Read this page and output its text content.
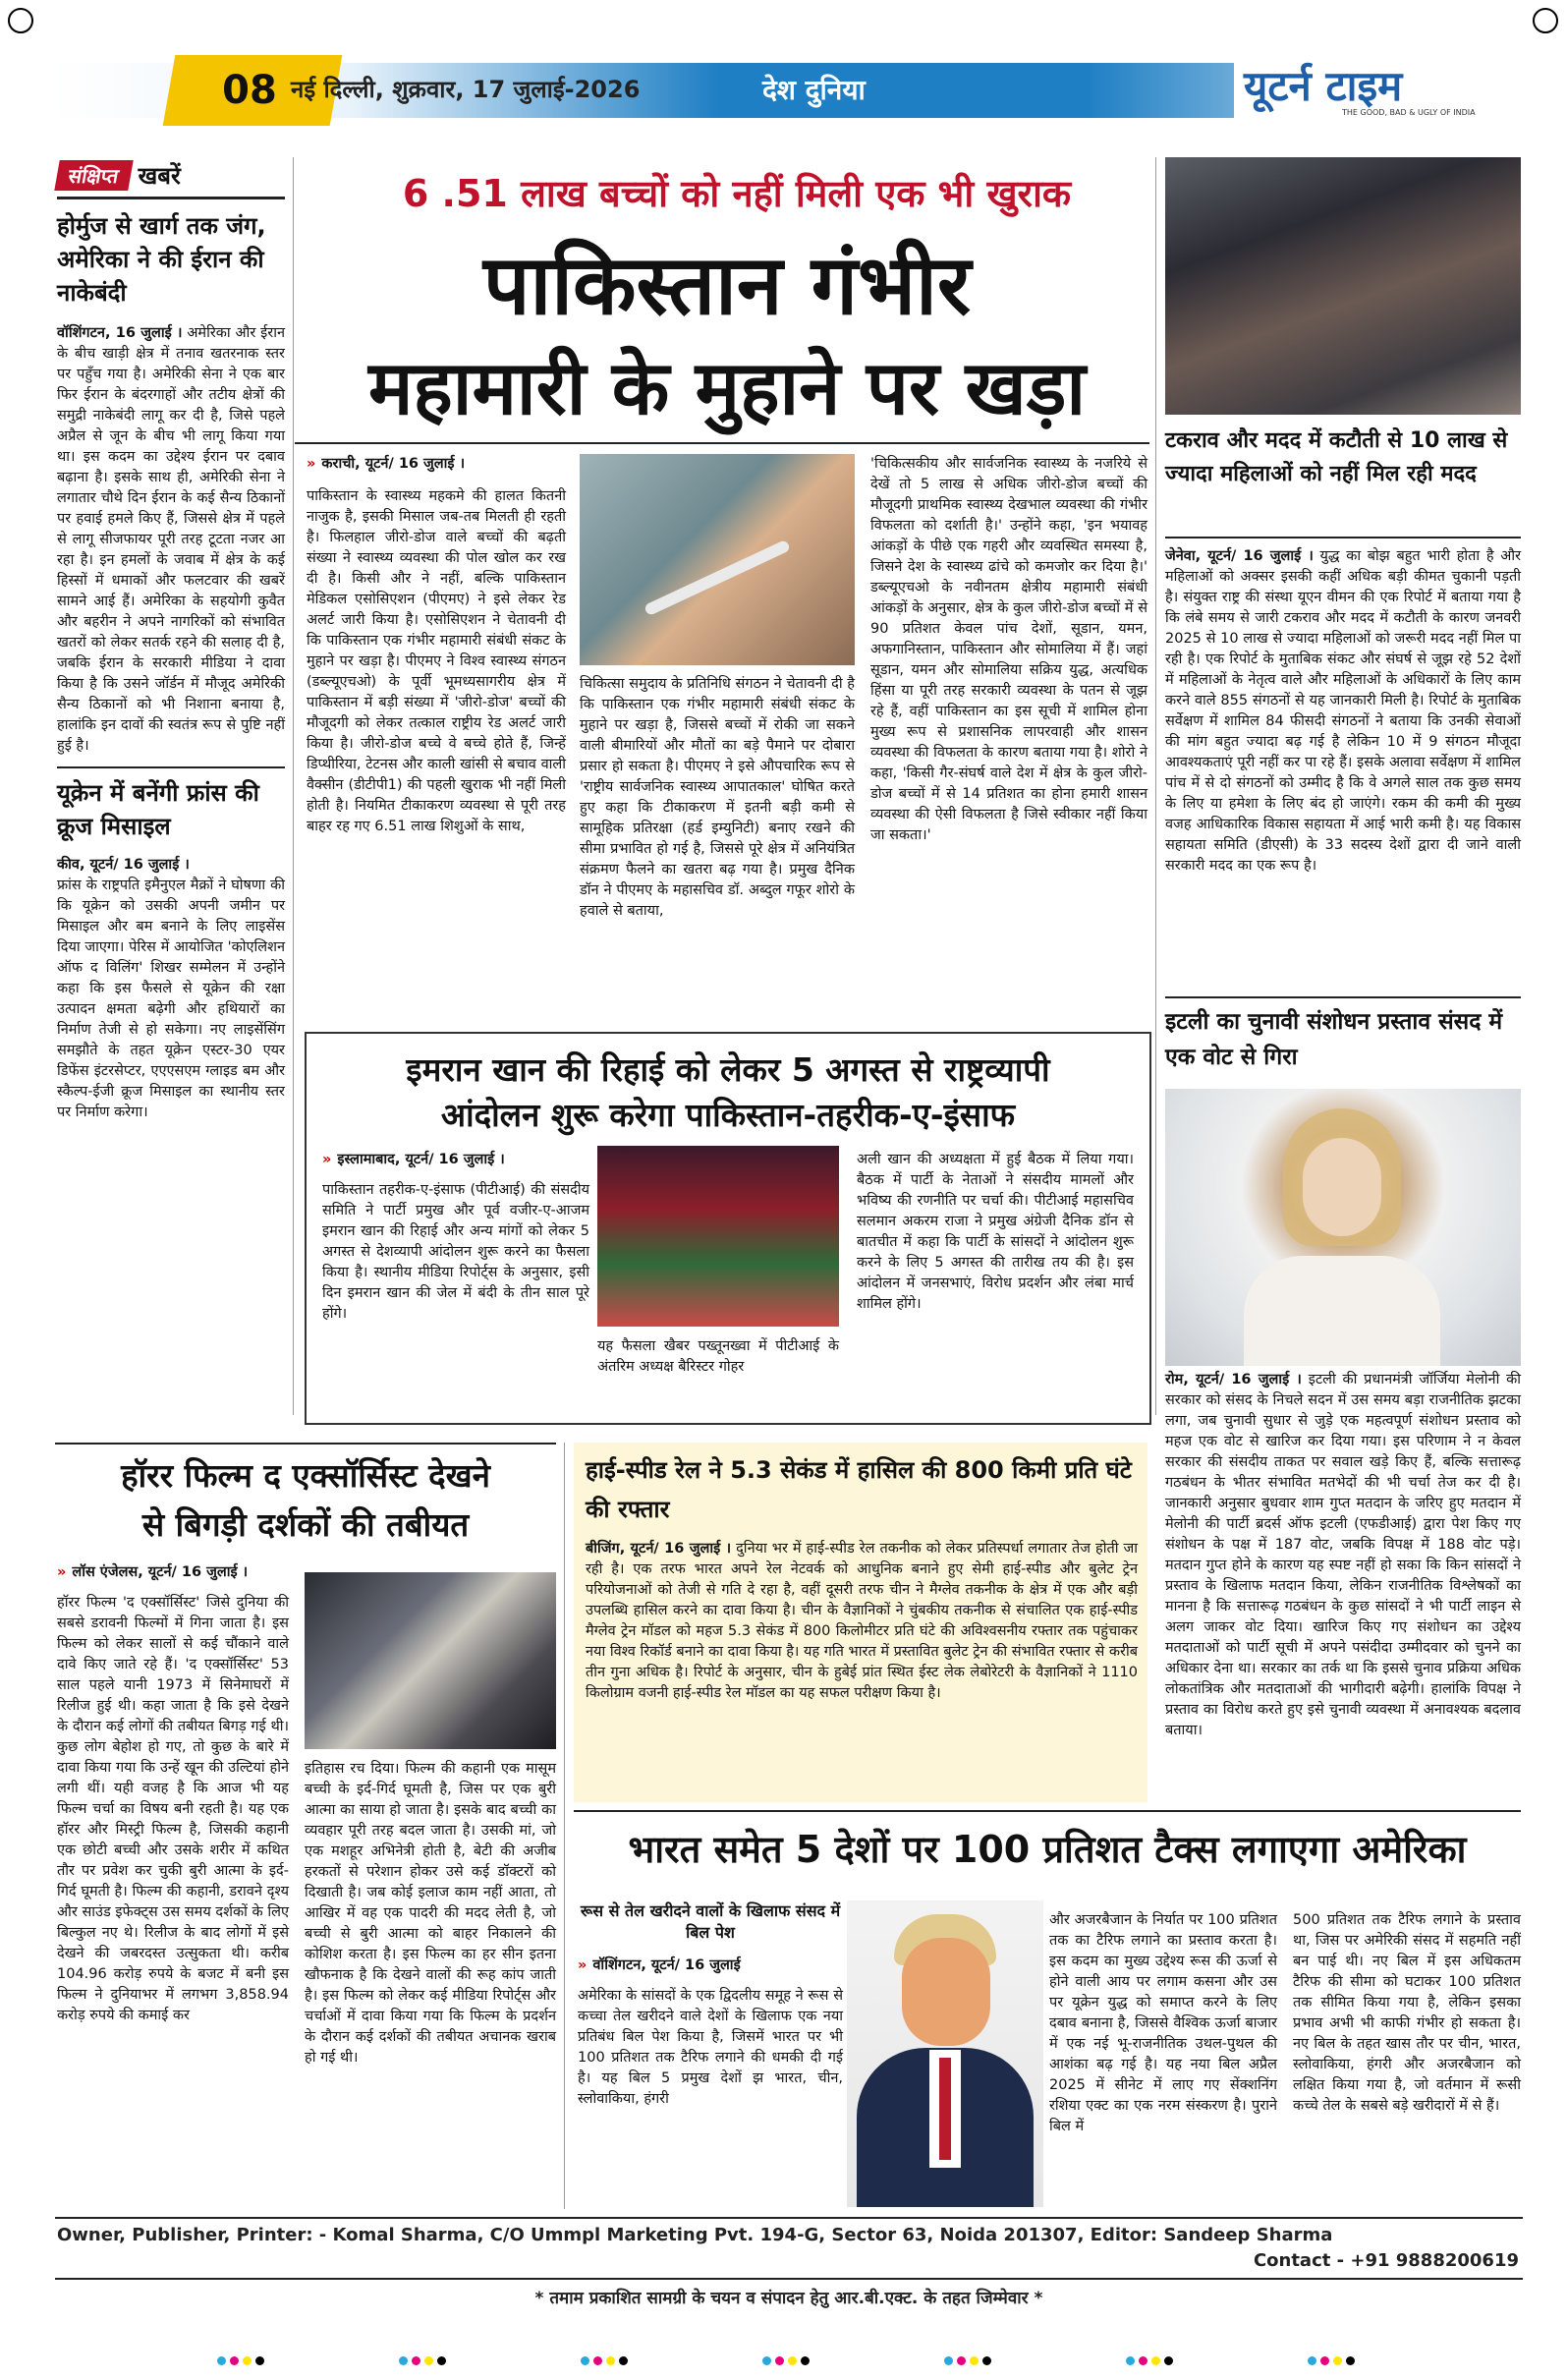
08 नई दिल्ली, शुक्रवार, 17 जुलाई-2026	देश दुनिया	यूटर्न टाइम
THE GOOD, BAD & UGLY OF INDIA
संक्षिप्त खबरें
होर्मुज से खार्ग तक जंग, अमेरिका ने की ईरान की नाकेबंदी
वॉशिंगटन, 16 जुलाई । अमेरिका और ईरान के बीच खाड़ी क्षेत्र में तनाव खतरनाक स्तर पर पहुँच गया है। अमेरिकी सेना ने एक बार फिर ईरान के बंदरगाहों और तटीय क्षेत्रों की समुद्री नाकेबंदी लागू कर दी है, जिसे पहले अप्रैल से जून के बीच भी लागू किया गया था। इस कदम का उद्देश्य ईरान पर दबाव बढ़ाना है। इसके साथ ही, अमेरिकी सेना ने लगातार चौथे दिन ईरान के कई सैन्य ठिकानों पर हवाई हमले किए हैं, जिससे क्षेत्र में पहले से लागू सीजफायर पूरी तरह टूटता नजर आ रहा है। इन हमलों के जवाब में क्षेत्र के कई हिस्सों में धमाकों और फलटवार की खबरें सामने आई हैं। अमेरिका के सहयोगी कुवैत और बहरीन ने अपने नागरिकों को संभावित खतरों को लेकर सतर्क रहने की सलाह दी है, जबकि ईरान के सरकारी मीडिया ने दावा किया है कि उसने जॉर्डन में मौजूद अमेरिकी सैन्य ठिकानों को भी निशाना बनाया है, हालांकि इन दावों की स्वतंत्र रूप से पुष्टि नहीं हुई है।
यूक्रेन में बनेंगी फ्रांस की क्रूज मिसाइल
कीव, यूटर्न/ 16 जुलाई ।
फ्रांस के राष्ट्रपति इमैनुएल मैक्रों ने घोषणा की कि यूक्रेन को उसकी अपनी जमीन पर मिसाइल और बम बनाने के लिए लाइसेंस दिया जाएगा। पेरिस में आयोजित 'कोएलिशन ऑफ द विलिंग' शिखर सम्मेलन में उन्होंने कहा कि इस फैसले से यूक्रेन की रक्षा उत्पादन क्षमता बढ़ेगी और हथियारों का निर्माण तेजी से हो सकेगा। नए लाइसेंसिंग समझौते के तहत यूक्रेन एस्टर-30 एयर डिफेंस इंटरसेप्टर, एएएसएम ग्लाइड बम और स्कैल्प-ईजी क्रूज मिसाइल का स्थानीय स्तर पर निर्माण करेगा।
6 .51 लाख बच्चों को नहीं मिली एक भी खुराक
पाकिस्तान गंभीर
महामारी के मुहाने पर खड़ा
» कराची, यूटर्न/ 16 जुलाई ।
पाकिस्तान के स्वास्थ्य महकमे की हालत कितनी नाजुक है, इसकी मिसाल जब-तब मिलती ही रहती है। फिलहाल जीरो-डोज वाले बच्चों की बढ़ती संख्या ने स्वास्थ्य व्यवस्था की पोल खोल कर रख दी है। किसी और ने नहीं, बल्कि पाकिस्तान मेडिकल एसोसिएशन (पीएमए) ने इसे लेकर रेड अलर्ट जारी किया है। एसोसिएशन ने चेतावनी दी कि पाकिस्तान एक गंभीर महामारी संबंधी संकट के मुहाने पर खड़ा है। पीएमए ने विश्व स्वास्थ्य संगठन (डब्ल्यूएचओ) के पूर्वी भूमध्यसागरीय क्षेत्र में पाकिस्तान में बड़ी संख्या में 'जीरो-डोज' बच्चों की मौजूदगी को लेकर तत्काल राष्ट्रीय रेड अलर्ट जारी किया है। जीरो-डोज बच्चे वे बच्चे होते हैं, जिन्हें डिप्थीरिया, टेटनस और काली खांसी से बचाव वाली वैक्सीन (डीटीपी1) की पहली खुराक भी नहीं मिली होती है। नियमित टीकाकरण व्यवस्था से पूरी तरह बाहर रह गए 6.51 लाख शिशुओं के साथ,
चिकित्सा समुदाय के प्रतिनिधि संगठन ने चेतावनी दी है कि पाकिस्तान एक गंभीर महामारी संबंधी संकट के मुहाने पर खड़ा है, जिससे बच्चों में रोकी जा सकने वाली बीमारियों और मौतों का बड़े पैमाने पर दोबारा प्रसार हो सकता है। पीएमए ने इसे औपचारिक रूप से 'राष्ट्रीय सार्वजनिक स्वास्थ्य आपातकाल' घोषित करते हुए कहा कि टीकाकरण में इतनी बड़ी कमी से सामूहिक प्रतिरक्षा (हर्ड इम्युनिटी) बनाए रखने की सीमा प्रभावित हो गई है, जिससे पूरे क्षेत्र में अनियंत्रित संक्रमण फैलने का खतरा बढ़ गया है। प्रमुख दैनिक डॉन ने पीएमए के महासचिव डॉ. अब्दुल गफूर शोरो के हवाले से बताया,
'चिकित्सकीय और सार्वजनिक स्वास्थ्य के नजरिये से देखें तो 5 लाख से अधिक जीरो-डोज बच्चों की मौजूदगी प्राथमिक स्वास्थ्य देखभाल व्यवस्था की गंभीर विफलता को दर्शाती है।' उन्होंने कहा, 'इन भयावह आंकड़ों के पीछे एक गहरी और व्यवस्थित समस्या है, जिसने देश के स्वास्थ्य ढांचे को कमजोर कर दिया है।' डब्ल्यूएचओ के नवीनतम क्षेत्रीय महामारी संबंधी आंकड़ों के अनुसार, क्षेत्र के कुल जीरो-डोज बच्चों में से 90 प्रतिशत केवल पांच देशों, सूडान, यमन, अफगानिस्तान, पाकिस्तान और सोमालिया में हैं। जहां सूडान, यमन और सोमालिया सक्रिय युद्ध, अत्यधिक हिंसा या पूरी तरह सरकारी व्यवस्था के पतन से जूझ रहे हैं, वहीं पाकिस्तान का इस सूची में शामिल होना मुख्य रूप से प्रशासनिक लापरवाही और शासन व्यवस्था की विफलता के कारण बताया गया है। शोरो ने कहा, 'किसी गैर-संघर्ष वाले देश में क्षेत्र के कुल जीरो-डोज बच्चों में से 14 प्रतिशत का होना हमारी शासन व्यवस्था की ऐसी विफलता है जिसे स्वीकार नहीं किया जा सकता।'
इमरान खान की रिहाई को लेकर 5 अगस्त से राष्ट्रव्यापी
आंदोलन शुरू करेगा पाकिस्तान-तहरीक-ए-इंसाफ
» इस्लामाबाद, यूटर्न/ 16 जुलाई ।
पाकिस्तान तहरीक-ए-इंसाफ (पीटीआई) की संसदीय समिति ने पार्टी प्रमुख और पूर्व वजीर-ए-आजम इमरान खान की रिहाई और अन्य मांगों को लेकर 5 अगस्त से देशव्यापी आंदोलन शुरू करने का फैसला किया है। स्थानीय मीडिया रिपोर्ट्स के अनुसार, इसी दिन इमरान खान की जेल में बंदी के तीन साल पूरे होंगे।
यह फैसला खैबर पख्तूनख्वा में पीटीआई के अंतरिम अध्यक्ष बैरिस्टर गोहर
अली खान की अध्यक्षता में हुई बैठक में लिया गया। बैठक में पार्टी के नेताओं ने संसदीय मामलों और भविष्य की रणनीति पर चर्चा की। पीटीआई महासचिव सलमान अकरम राजा ने प्रमुख अंग्रेजी दैनिक डॉन से बातचीत में कहा कि पार्टी के सांसदों ने आंदोलन शुरू करने के लिए 5 अगस्त की तारीख तय की है। इस आंदोलन में जनसभाएं, विरोध प्रदर्शन और लंबा मार्च शामिल होंगे।
टकराव और मदद में कटौती से 10 लाख से ज्यादा महिलाओं को नहीं मिल रही मदद
जेनेवा, यूटर्न/ 16 जुलाई । युद्ध का बोझ बहुत भारी होता है और महिलाओं को अक्सर इसकी कहीं अधिक बड़ी कीमत चुकानी पड़ती है। संयुक्त राष्ट्र की संस्था यूएन वीमन की एक रिपोर्ट में बताया गया है कि लंबे समय से जारी टकराव और मदद में कटौती के कारण जनवरी 2025 से 10 लाख से ज्यादा महिलाओं को जरूरी मदद नहीं मिल पा रही है। एक रिपोर्ट के मुताबिक संकट और संघर्ष से जूझ रहे 52 देशों में महिलाओं के नेतृत्व वाले और महिलाओं के अधिकारों के लिए काम करने वाले 855 संगठनों से यह जानकारी मिली है। रिपोर्ट के मुताबिक सर्वेक्षण में शामिल 84 फीसदी संगठनों ने बताया कि उनकी सेवाओं की मांग बहुत ज्यादा बढ़ गई है लेकिन 10 में 9 संगठन मौजूदा आवश्यकताएं पूरी नहीं कर पा रहे हैं। इसके अलावा सर्वेक्षण में शामिल पांच में से दो संगठनों को उम्मीद है कि वे अगले साल तक कुछ समय के लिए या हमेशा के लिए बंद हो जाएंगे। रकम की कमी की मुख्य वजह आधिकारिक विकास सहायता में आई भारी कमी है। यह विकास सहायता समिति (डीएसी) के 33 सदस्य देशों द्वारा दी जाने वाली सरकारी मदद का एक रूप है।
इटली का चुनावी संशोधन प्रस्ताव संसद में एक वोट से गिरा
रोम, यूटर्न/ 16 जुलाई । इटली की प्रधानमंत्री जॉर्जिया मेलोनी की सरकार को संसद के निचले सदन में उस समय बड़ा राजनीतिक झटका लगा, जब चुनावी सुधार से जुड़े एक महत्वपूर्ण संशोधन प्रस्ताव को महज एक वोट से खारिज कर दिया गया। इस परिणाम ने न केवल सरकार की संसदीय ताकत पर सवाल खड़े किए हैं, बल्कि सत्तारूढ़ गठबंधन के भीतर संभावित मतभेदों की भी चर्चा तेज कर दी है। जानकारी अनुसार बुधवार शाम गुप्त मतदान के जरिए हुए मतदान में मेलोनी की पार्टी ब्रदर्स ऑफ इटली (एफडीआई) द्वारा पेश किए गए संशोधन के पक्ष में 187 वोट, जबकि विपक्ष में 188 वोट पड़े। मतदान गुप्त होने के कारण यह स्पष्ट नहीं हो सका कि किन सांसदों ने प्रस्ताव के खिलाफ मतदान किया, लेकिन राजनीतिक विश्लेषकों का मानना है कि सत्तारूढ़ गठबंधन के कुछ सांसदों ने भी पार्टी लाइन से अलग जाकर वोट दिया। खारिज किए गए संशोधन का उद्देश्य मतदाताओं को पार्टी सूची में अपने पसंदीदा उम्मीदवार को चुनने का अधिकार देना था। सरकार का तर्क था कि इससे चुनाव प्रक्रिया अधिक लोकतांत्रिक और मतदाताओं की भागीदारी बढ़ेगी। हालांकि विपक्ष ने प्रस्ताव का विरोध करते हुए इसे चुनावी व्यवस्था में अनावश्यक बदलाव बताया।
हॉरर फिल्म द एक्सॉर्सिस्ट देखने
से बिगड़ी दर्शकों की तबीयत
» लॉस एंजेलस, यूटर्न/ 16 जुलाई ।
हॉरर फिल्म 'द एक्सॉर्सिस्ट' जिसे दुनिया की सबसे डरावनी फिल्मों में गिना जाता है। इस फिल्म को लेकर सालों से कई चौंकाने वाले दावे किए जाते रहे हैं। 'द एक्सॉर्सिस्ट' 53 साल पहले यानी 1973 में सिनेमाघरों में रिलीज हुई थी। कहा जाता है कि इसे देखने के दौरान कई लोगों की तबीयत बिगड़ गई थी। कुछ लोग बेहोश हो गए, तो कुछ के बारे में दावा किया गया कि उन्हें खून की उल्टियां होने लगी थीं। यही वजह है कि आज भी यह फिल्म चर्चा का विषय बनी रहती है। यह एक हॉरर और मिस्ट्री फिल्म है, जिसकी कहानी एक छोटी बच्ची और उसके शरीर में कथित तौर पर प्रवेश कर चुकी बुरी आत्मा के इर्द-गिर्द घूमती है। फिल्म की कहानी, डरावने दृश्य और साउंड इफेक्ट्स उस समय दर्शकों के लिए बिल्कुल नए थे। रिलीज के बाद लोगों में इसे देखने की जबरदस्त उत्सुकता थी। करीब 104.96 करोड़ रुपये के बजट में बनी इस फिल्म ने दुनियाभर में लगभग 3,858.94 करोड़ रुपये की कमाई कर
इतिहास रच दिया। फिल्म की कहानी एक मासूम बच्ची के इर्द-गिर्द घूमती है, जिस पर एक बुरी आत्मा का साया हो जाता है। इसके बाद बच्ची का व्यवहार पूरी तरह बदल जाता है। उसकी मां, जो एक मशहूर अभिनेत्री होती है, बेटी की अजीब हरकतों से परेशान होकर उसे कई डॉक्टरों को दिखाती है। जब कोई इलाज काम नहीं आता, तो आखिर में वह एक पादरी की मदद लेती है, जो बच्ची से बुरी आत्मा को बाहर निकालने की कोशिश करता है। इस फिल्म का हर सीन इतना खौफनाक है कि देखने वालों की रूह कांप जाती है। इस फिल्म को लेकर कई मीडिया रिपोर्ट्स और चर्चाओं में दावा किया गया कि फिल्म के प्रदर्शन के दौरान कई दर्शकों की तबीयत अचानक खराब हो गई थी।
हाई-स्पीड रेल ने 5.3 सेकंड में हासिल की 800 किमी प्रति घंटे की रफ्तार
बीजिंग, यूटर्न/ 16 जुलाई । दुनिया भर में हाई-स्पीड रेल तकनीक को लेकर प्रतिस्पर्धा लगातार तेज होती जा रही है। एक तरफ भारत अपने रेल नेटवर्क को आधुनिक बनाने हुए सेमी हाई-स्पीड और बुलेट ट्रेन परियोजनाओं को तेजी से गति दे रहा है, वहीं दूसरी तरफ चीन ने मैग्लेव तकनीक के क्षेत्र में एक और बड़ी उपलब्धि हासिल करने का दावा किया है। चीन के वैज्ञानिकों ने चुंबकीय तकनीक से संचालित एक हाई-स्पीड मैग्लेव ट्रेन मॉडल को महज 5.3 सेकंड में 800 किलोमीटर प्रति घंटे की अविश्वसनीय रफ्तार तक पहुंचाकर नया विश्व रिकॉर्ड बनाने का दावा किया है। यह गति भारत में प्रस्तावित बुलेट ट्रेन की संभावित रफ्तार से करीब तीन गुना अधिक है। रिपोर्ट के अनुसार, चीन के हुबेई प्रांत स्थित ईस्ट लेक लेबोरेटरी के वैज्ञानिकों ने 1110 किलोग्राम वजनी हाई-स्पीड रेल मॉडल का यह सफल परीक्षण किया है।
भारत समेत 5 देशों पर 100 प्रतिशत टैक्स लगाएगा अमेरिका
रूस से तेल खरीदने वालों के खिलाफ संसद में बिल पेश
» वॉशिंगटन, यूटर्न/ 16 जुलाई
अमेरिका के सांसदों के एक द्विदलीय समूह ने रूस से कच्चा तेल खरीदने वाले देशों के खिलाफ एक नया प्रतिबंध बिल पेश किया है, जिसमें भारत पर भी 100 प्रतिशत तक टैरिफ लगाने की धमकी दी गई है। यह बिल 5 प्रमुख देशों झ भारत, चीन, स्लोवाकिया, हंगरी
और अजरबैजान के निर्यात पर 100 प्रतिशत तक का टैरिफ लगाने का प्रस्ताव करता है। इस कदम का मुख्य उद्देश्य रूस की ऊर्जा से होने वाली आय पर लगाम कसना और उस पर यूक्रेन युद्ध को समाप्त करने के लिए दबाव बनाना है, जिससे वैश्विक ऊर्जा बाजार में एक नई भू-राजनीतिक उथल-पुथल की आशंका बढ़ गई है। यह नया बिल अप्रैल 2025 में सीनेट में लाए गए सेंक्शनिंग रशिया एक्ट का एक नरम संस्करण है। पुराने बिल में
500 प्रतिशत तक टैरिफ लगाने के प्रस्ताव था, जिस पर अमेरिकी संसद में सहमति नहीं बन पाई थी। नए बिल में इस अधिकतम टैरिफ की सीमा को घटाकर 100 प्रतिशत तक सीमित किया गया है, लेकिन इसका प्रभाव अभी भी काफी गंभीर हो सकता है। नए बिल के तहत खास तौर पर चीन, भारत, स्लोवाकिया, हंगरी और अजरबैजान को लक्षित किया गया है, जो वर्तमान में रूसी कच्चे तेल के सबसे बड़े खरीदारों में से हैं।
Owner, Publisher, Printer: - Komal Sharma, C/O Ummpl Marketing Pvt. 194-G, Sector 63, Noida 201307, Editor: Sandeep Sharma
Contact - +91 9888200619
* तमाम प्रकाशित सामग्री के चयन व संपादन हेतु आर.बी.एक्ट. के तहत जिम्मेवार *
